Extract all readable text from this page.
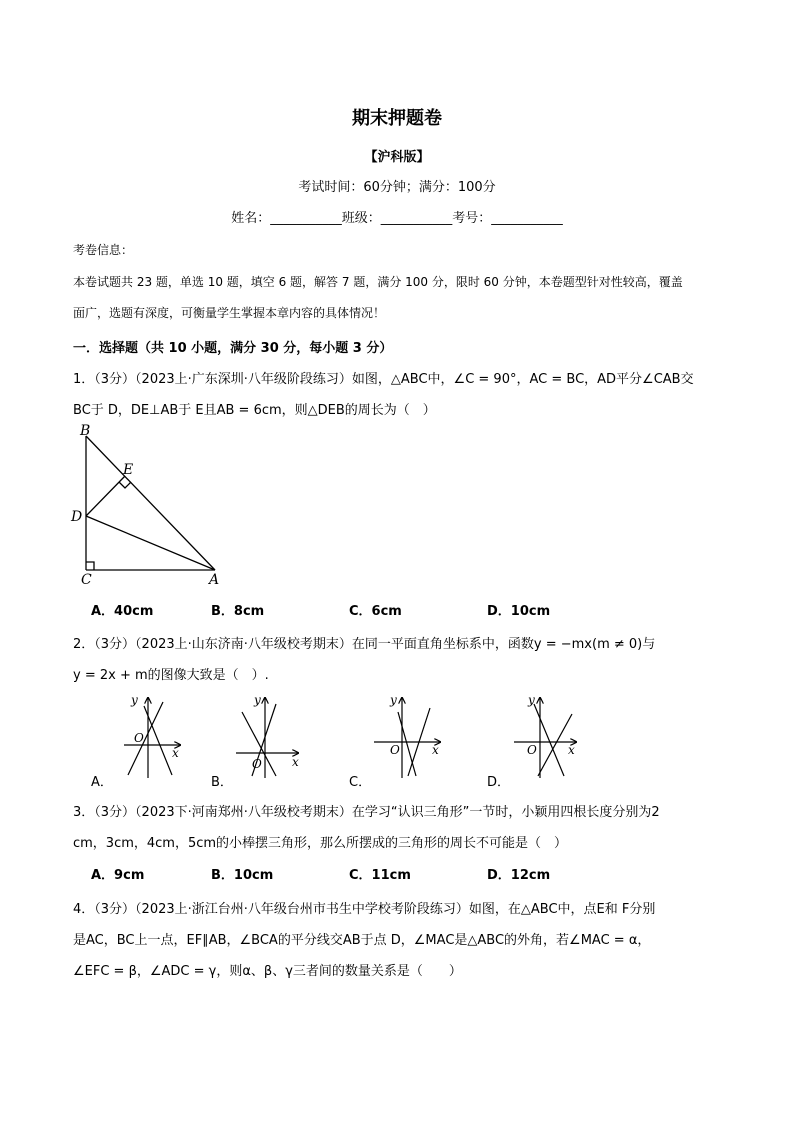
期末押题卷
【沪科版】
考试时间：60分钟；满分：100分
姓名：___________班级：___________考号：___________
考卷信息：
本卷试题共 23 题，单选 10 题，填空 6 题，解答 7 题，满分 100 分，限时 60 分钟，本卷题型针对性较高，覆盖
面广，选题有深度，可衡量学生掌握本章内容的具体情况！
一．选择题（共 10 小题，满分 30 分，每小题 3 分）
1．（3分）（2023上·广东深圳·八年级阶段练习）如图，△ABC中，∠C = 90°，AC = BC，AD平分∠CAB交
BC于 D，DE⊥AB于 E且AB = 6cm，则△DEB的周长为（　）
B
E
D
C	A
A．40cm	B．8cm	C．6cm	D．10cm
2．（3分）（2023上·山东济南·八年级校考期末）在同一平面直角坐标系中，函数y = −mx(m ≠ 0)与
y = 2x + m的图像大致是（　）.
y
x
O
y
x
O
y
x
O
y
x
O
A．	B．	C．	D．
3．（3分）（2023下·河南郑州·八年级校考期末）在学习“认识三角形”一节时，小颖用四根长度分别为2
cm，3cm，4cm，5cm的小棒摆三角形，那么所摆成的三角形的周长不可能是（　）
A．9cm	B．10cm	C．11cm	D．12cm
4．（3分）（2023上·浙江台州·八年级台州市书生中学校考阶段练习）如图，在△ABC中，点E和 F分别
是AC，BC上一点，EF∥AB，∠BCA的平分线交AB于点 D，∠MAC是△ABC的外角，若∠MAC = α，
∠EFC = β，∠ADC = γ，则α、β、γ三者间的数量关系是（　　）
